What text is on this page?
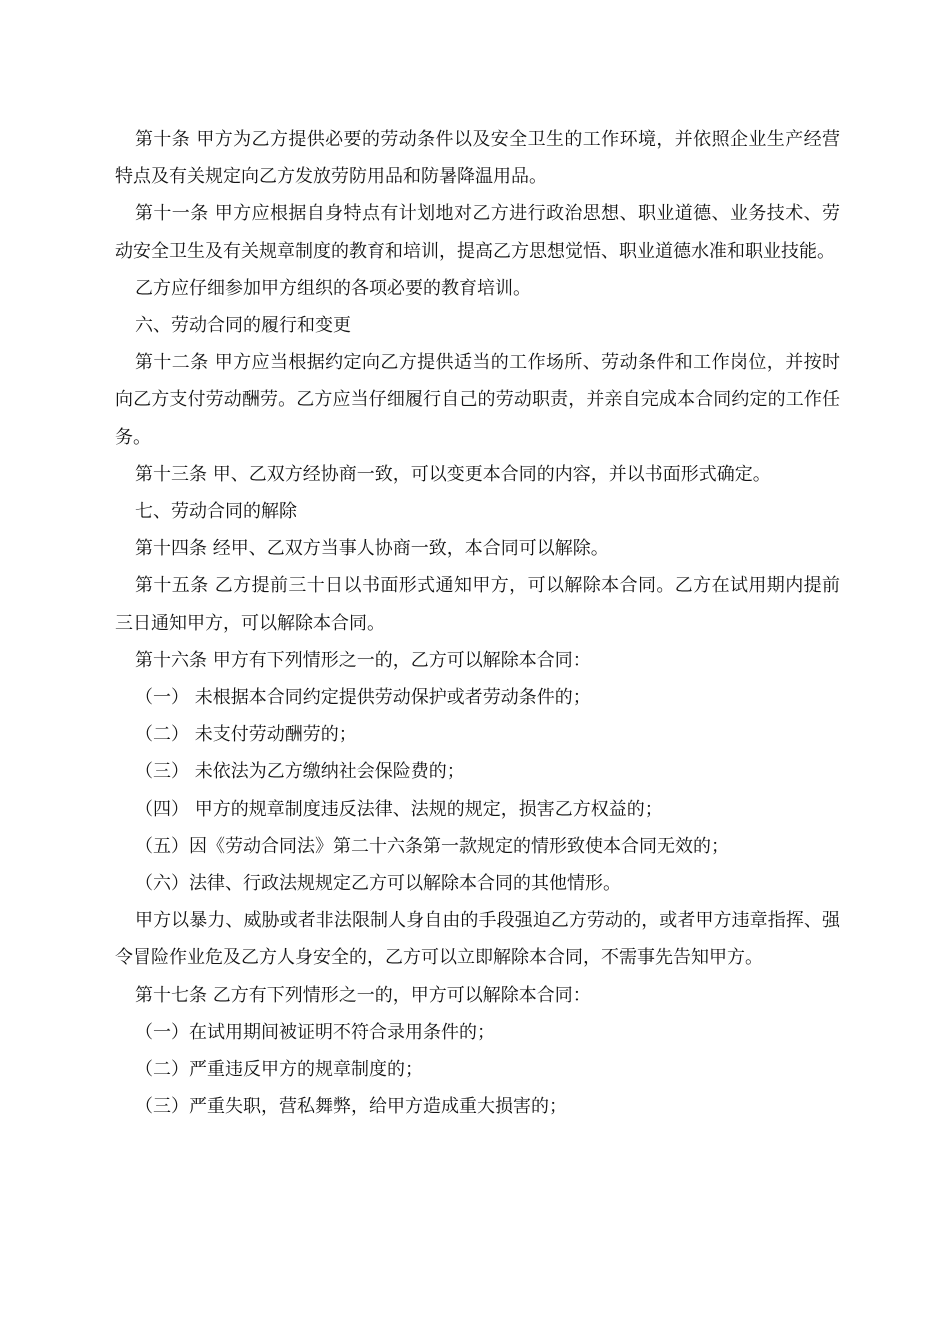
第十条 甲方为乙方提供必要的劳动条件以及安全卫生的工作环境，并依照企业生产经营特点及有关规定向乙方发放劳防用品和防暑降温用品。

第十一条 甲方应根据自身特点有计划地对乙方进行政治思想、职业道德、业务技术、劳动安全卫生及有关规章制度的教育和培训，提高乙方思想觉悟、职业道德水准和职业技能。

乙方应仔细参加甲方组织的各项必要的教育培训。

六、劳动合同的履行和变更

第十二条 甲方应当根据约定向乙方提供适当的工作场所、劳动条件和工作岗位，并按时向乙方支付劳动酬劳。乙方应当仔细履行自己的劳动职责，并亲自完成本合同约定的工作任务。

第十三条 甲、乙双方经协商一致，可以变更本合同的内容，并以书面形式确定。

七、劳动合同的解除

第十四条 经甲、乙双方当事人协商一致，本合同可以解除。

第十五条 乙方提前三十日以书面形式通知甲方，可以解除本合同。乙方在试用期内提前三日通知甲方，可以解除本合同。

第十六条 甲方有下列情形之一的，乙方可以解除本合同：

（一） 未根据本合同约定提供劳动保护或者劳动条件的；

（二） 未支付劳动酬劳的；

（三） 未依法为乙方缴纳社会保险费的；

（四） 甲方的规章制度违反法律、法规的规定，损害乙方权益的；

（五）因《劳动合同法》第二十六条第一款规定的情形致使本合同无效的；

（六）法律、行政法规规定乙方可以解除本合同的其他情形。

甲方以暴力、威胁或者非法限制人身自由的手段强迫乙方劳动的，或者甲方违章指挥、强令冒险作业危及乙方人身安全的，乙方可以立即解除本合同，不需事先告知甲方。

第十七条 乙方有下列情形之一的，甲方可以解除本合同：

（一）在试用期间被证明不符合录用条件的；

（二）严重违反甲方的规章制度的；

（三）严重失职，营私舞弊，给甲方造成重大损害的；
